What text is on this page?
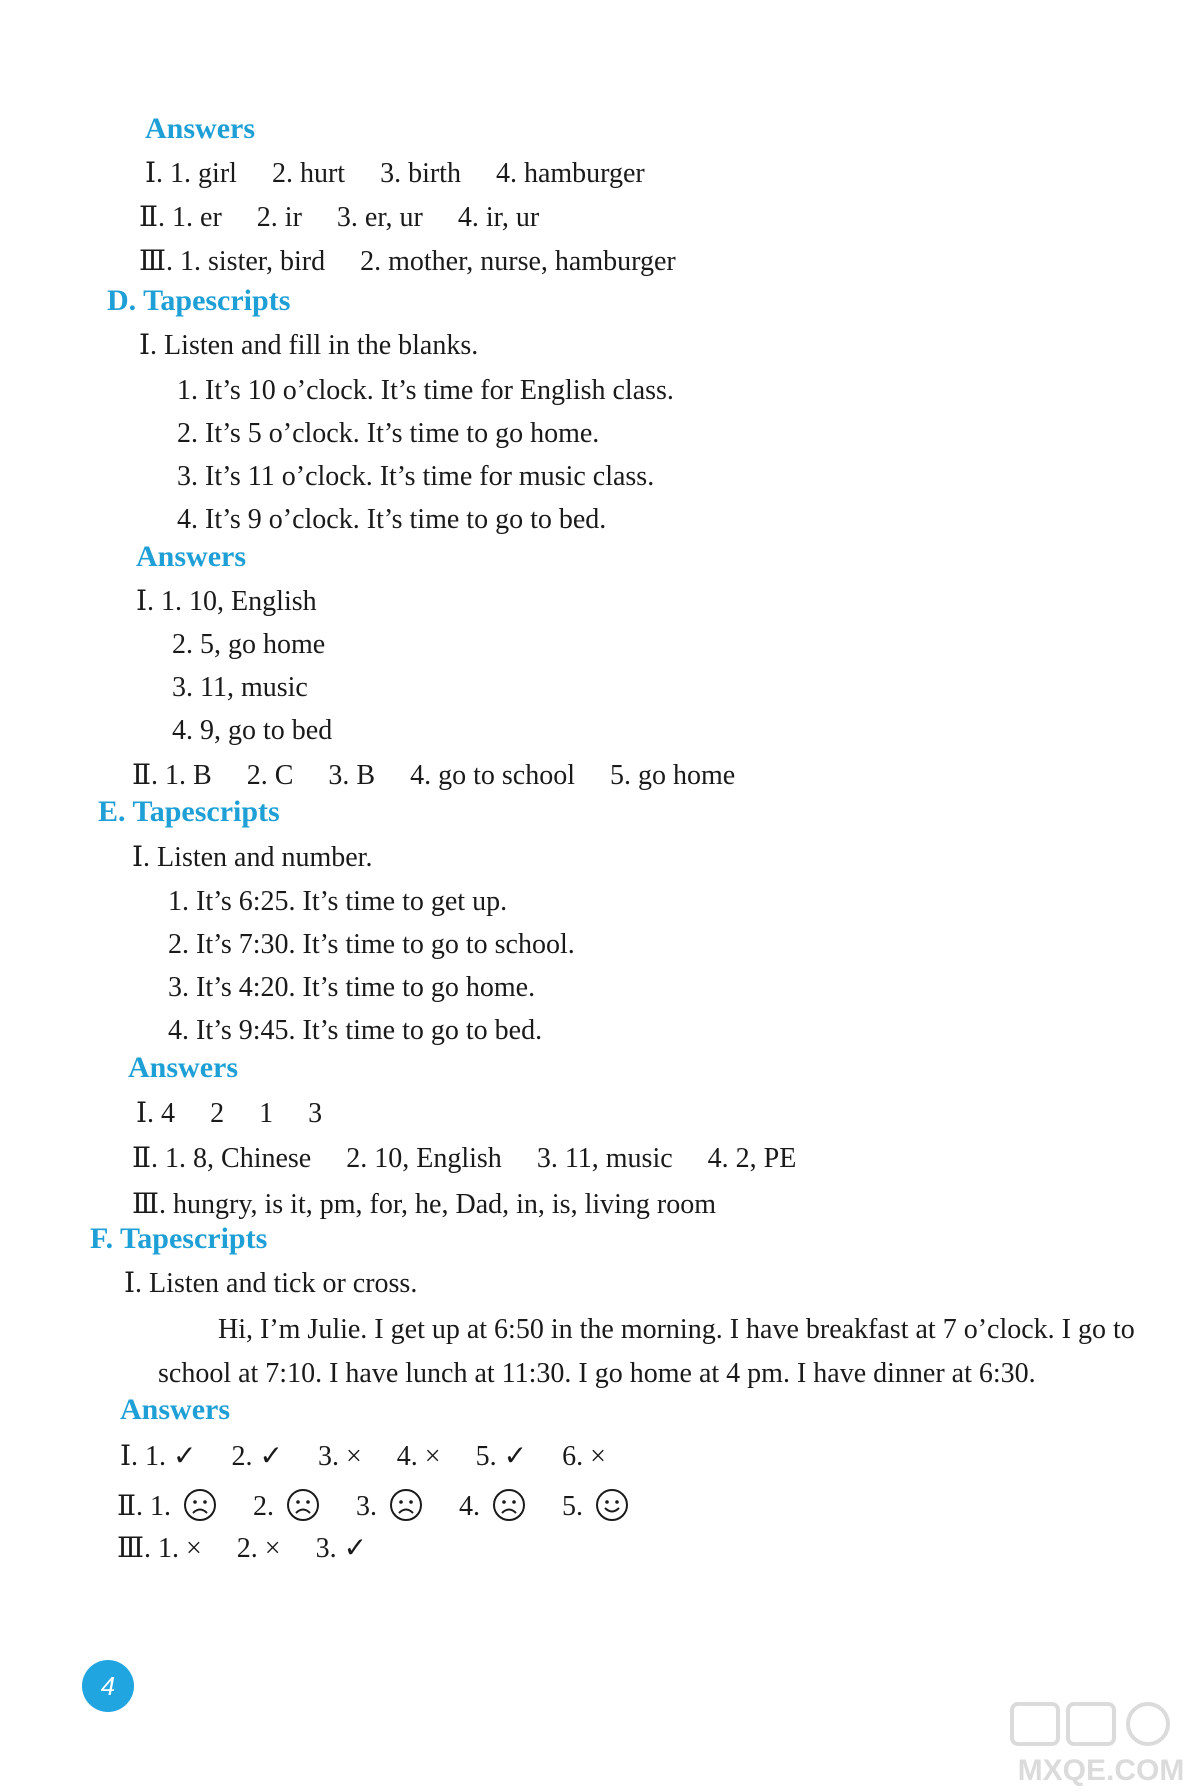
Answers
Ⅰ. 1. girl 2. hurt 3. birth 4. hamburger
Ⅱ. 1. er 2. ir 3. er, ur 4. ir, ur
Ⅲ. 1. sister, bird 2. mother, nurse, hamburger
D. Tapescripts
Ⅰ. Listen and fill in the blanks.
1. It’s 10 o’clock. It’s time for English class.
2. It’s 5 o’clock. It’s time to go home.
3. It’s 11 o’clock. It’s time for music class.
4. It’s 9 o’clock. It’s time to go to bed.
Answers
Ⅰ. 1. 10, English
2. 5, go home
3. 11, music
4. 9, go to bed
Ⅱ. 1. B 2. C 3. B 4. go to school 5. go home
E. Tapescripts
Ⅰ. Listen and number.
1. It’s 6:25. It’s time to get up.
2. It’s 7:30. It’s time to go to school.
3. It’s 4:20. It’s time to go home.
4. It’s 9:45. It’s time to go to bed.
Answers
Ⅰ. 4 2 1 3
Ⅱ. 1. 8, Chinese 2. 10, English 3. 11, music 4. 2, PE
Ⅲ. hungry, is it, pm, for, he, Dad, in, is, living room
F. Tapescripts
Ⅰ. Listen and tick or cross.
Hi, I’m Julie. I get up at 6:50 in the morning. I have breakfast at 7 o’clock. I go to
school at 7:10. I have lunch at 11:30. I go home at 4 pm. I have dinner at 6:30.
Answers
Ⅰ. 1. ✓ 2. ✓ 3. × 4. × 5. ✓ 6. ×
Ⅱ. 1.	2.	3.	4.	5.
Ⅲ. 1. × 2. × 3. ✓
4
MXQE.COM
